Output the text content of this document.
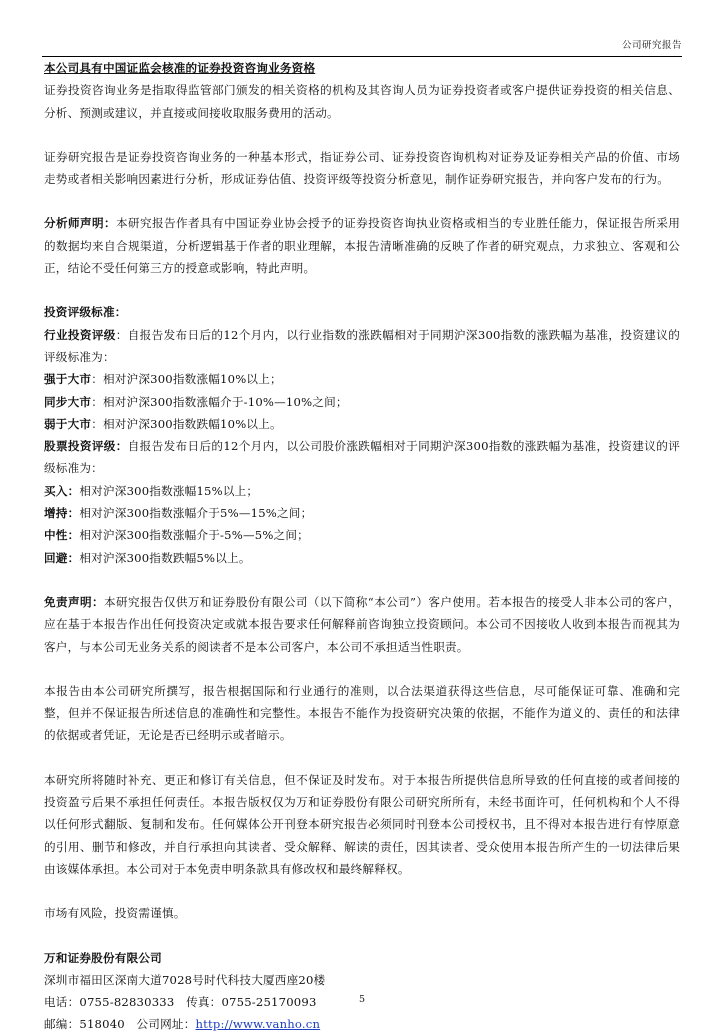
公司研究报告

本公司具有中国证监会核准的证券投资咨询业务资格

证券投资咨询业务是指取得监管部门颁发的相关资格的机构及其咨询人员为证券投资者或客户提供证券投资的相关信息、分析、预测或建议，并直接或间接收取服务费用的活动。

证券研究报告是证券投资咨询业务的一种基本形式，指证券公司、证券投资咨询机构对证券及证券相关产品的价值、市场走势或者相关影响因素进行分析，形成证券估值、投资评级等投资分析意见，制作证券研究报告，并向客户发布的行为。

分析师声明：本研究报告作者具有中国证券业协会授予的证券投资咨询执业资格或相当的专业胜任能力，保证报告所采用的数据均来自合规渠道，分析逻辑基于作者的职业理解，本报告清晰准确的反映了作者的研究观点，力求独立、客观和公正，结论不受任何第三方的授意或影响，特此声明。

投资评级标准：

行业投资评级：自报告发布日后的12个月内，以行业指数的涨跌幅相对于同期沪深300指数的涨跌幅为基准，投资建议的评级标准为：

强于大市：相对沪深300指数涨幅10%以上；

同步大市：相对沪深300指数涨幅介于-10%—10%之间；

弱于大市：相对沪深300指数跌幅10%以上。

股票投资评级：自报告发布日后的12个月内，以公司股价涨跌幅相对于同期沪深300指数的涨跌幅为基准，投资建议的评级标准为：

买入：相对沪深300指数涨幅15%以上；

增持：相对沪深300指数涨幅介于5%—15%之间；

中性：相对沪深300指数涨幅介于-5%—5%之间；

回避：相对沪深300指数跌幅5%以上。

免责声明：本研究报告仅供万和证券股份有限公司（以下简称“本公司”）客户使用。若本报告的接受人非本公司的客户，应在基于本报告作出任何投资决定或就本报告要求任何解释前咨询独立投资顾问。本公司不因接收人收到本报告而视其为客户，与本公司无业务关系的阅读者不是本公司客户，本公司不承担适当性职责。

本报告由本公司研究所撰写，报告根据国际和行业通行的准则，以合法渠道获得这些信息，尽可能保证可靠、准确和完整，但并不保证报告所述信息的准确性和完整性。本报告不能作为投资研究决策的依据，不能作为道义的、责任的和法律的依据或者凭证，无论是否已经明示或者暗示。

本研究所将随时补充、更正和修订有关信息，但不保证及时发布。对于本报告所提供信息所导致的任何直接的或者间接的投资盈亏后果不承担任何责任。本报告版权仅为万和证券股份有限公司研究所所有，未经书面许可，任何机构和个人不得以任何形式翻版、复制和发布。任何媒体公开刊登本研究报告必须同时刊登本公司授权书，且不得对本报告进行有悖原意的引用、删节和修改，并自行承担向其读者、受众解释、解读的责任，因其读者、受众使用本报告所产生的一切法律后果由该媒体承担。本公司对于本免责申明条款具有修改权和最终解释权。

市场有风险，投资需谨慎。

万和证券股份有限公司

深圳市福田区深南大道7028号时代科技大厦西座20楼

电话：0755-82830333 传真：0755-25170093

邮编：518040 公司网址：http://www.vanho.cn

5
